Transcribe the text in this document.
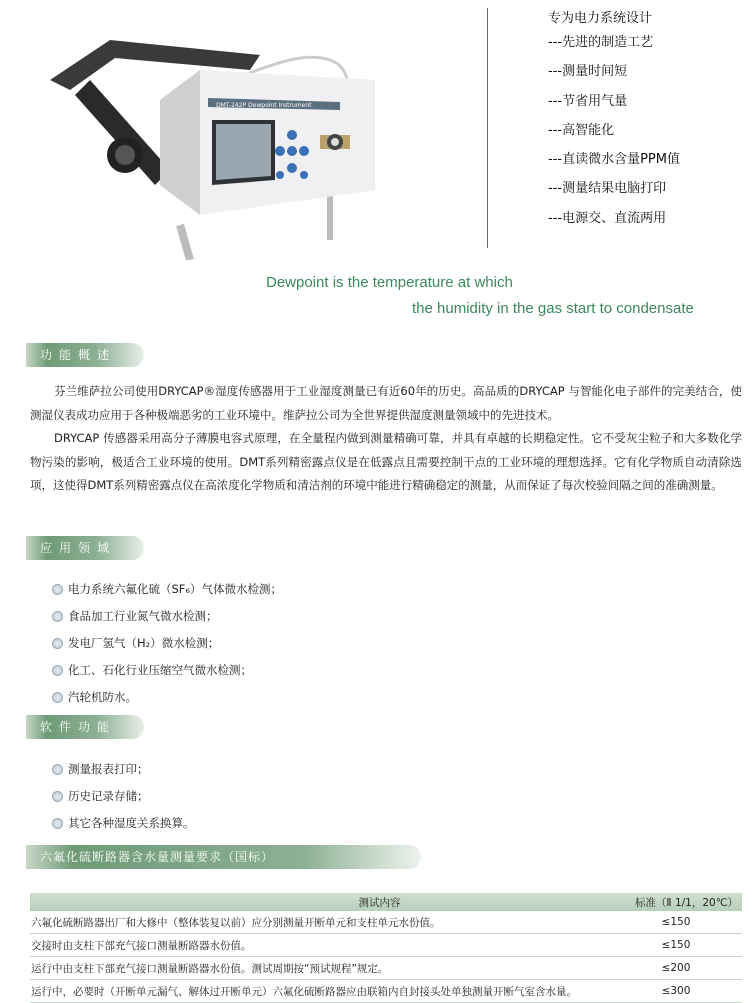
DMT-242P Dewpoint Instrument
专为电力系统设计
---先进的制造工艺
---测量时间短
---节省用气量
---高智能化
---直读微水含量PPM值
---测量结果电脑打印
---电源交、直流两用
Dewpoint is the temperature at which
the humidity in the gas start to condensate
功能概述
芬兰维萨拉公司使用DRYCAP®湿度传感器用于工业湿度测量已有近60年的历史。高品质的DRYCAP 与智能化电子部件的完美结合，使测湿仪表成功应用于各种极端恶劣的工业环境中。维萨拉公司为全世界提供湿度测量领域中的先进技术。
DRYCAP 传感器采用高分子薄膜电容式原理，在全量程内做到测量精确可靠，并具有卓越的长期稳定性。它不受灰尘粒子和大多数化学物污染的影响，极适合工业环境的使用。DMT系列精密露点仪是在低露点且需要控制干点的工业环境的理想选择。它有化学物质自动清除选项，这使得DMT系列精密露点仪在高浓度化学物质和清洁剂的环境中能进行精确稳定的测量，从而保证了每次校验间隔之间的准确测量。
应用领域
电力系统六氟化硫（SF₆）气体微水检测；
食品加工行业氮气微水检测；
发电厂氢气（H₂）微水检测；
化工、石化行业压缩空气微水检测；
汽轮机防水。
软件功能
测量报表打印；
历史记录存储；
其它各种湿度关系换算。
六氟化硫断路器含水量测量要求（国标）
测试内容	标准（Ⅱ 1/1，20℃）
六氟化硫断路器出厂和大修中（整体装复以前）应分别测量开断单元和支柱单元水份值。	≤150
交接时由支柱下部充气接口测量断路器水份值。	≤150
运行中由支柱下部充气接口测量断路器水份值。测试周期按“预试规程”规定。	≤200
运行中，必要时（开断单元漏气、解体过开断单元）六氟化硫断路器应由联箱内自封接头处单独测量开断气室含水量。	≤300
